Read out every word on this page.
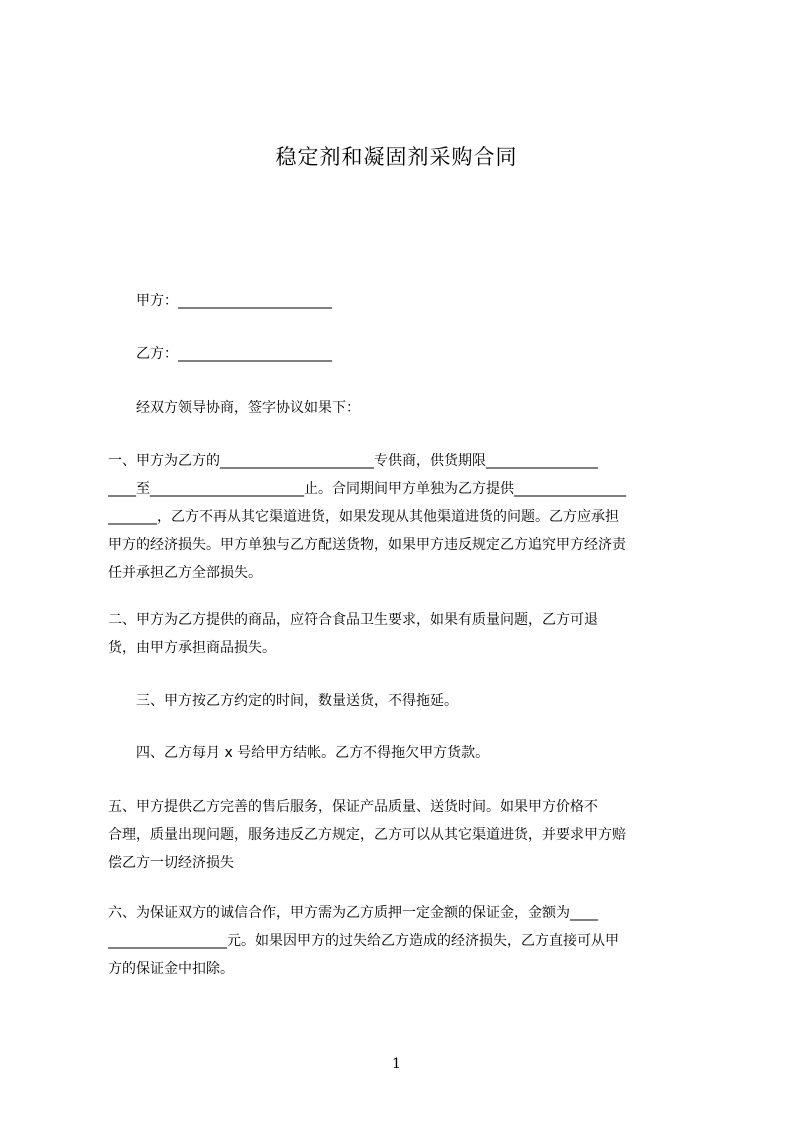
稳定剂和凝固剂采购合同
甲方：______________________
乙方：______________________
经双方领导协商，签字协议如果下：
一、甲方为乙方的______________________专供商，供货期限________________
____至______________________止。合同期间甲方单独为乙方提供________________
_______，乙方不再从其它渠道进货，如果发现从其他渠道进货的问题。乙方应承担
甲方的经济损失。甲方单独与乙方配送货物，如果甲方违反规定乙方追究甲方经济责
任并承担乙方全部损失。
二、甲方为乙方提供的商品，应符合食品卫生要求，如果有质量问题，乙方可退
货，由甲方承担商品损失。
三、甲方按乙方约定的时间，数量送货，不得拖延。
四、乙方每月 x 号给甲方结帐。乙方不得拖欠甲方货款。
五、甲方提供乙方完善的售后服务，保证产品质量、送货时间。如果甲方价格不
合理，质量出现问题，服务违反乙方规定，乙方可以从其它渠道进货，并要求甲方赔
偿乙方一切经济损失
六、为保证双方的诚信合作，甲方需为乙方质押一定金额的保证金，金额为____
_________________元。如果因甲方的过失给乙方造成的经济损失，乙方直接可从甲
方的保证金中扣除。
1
